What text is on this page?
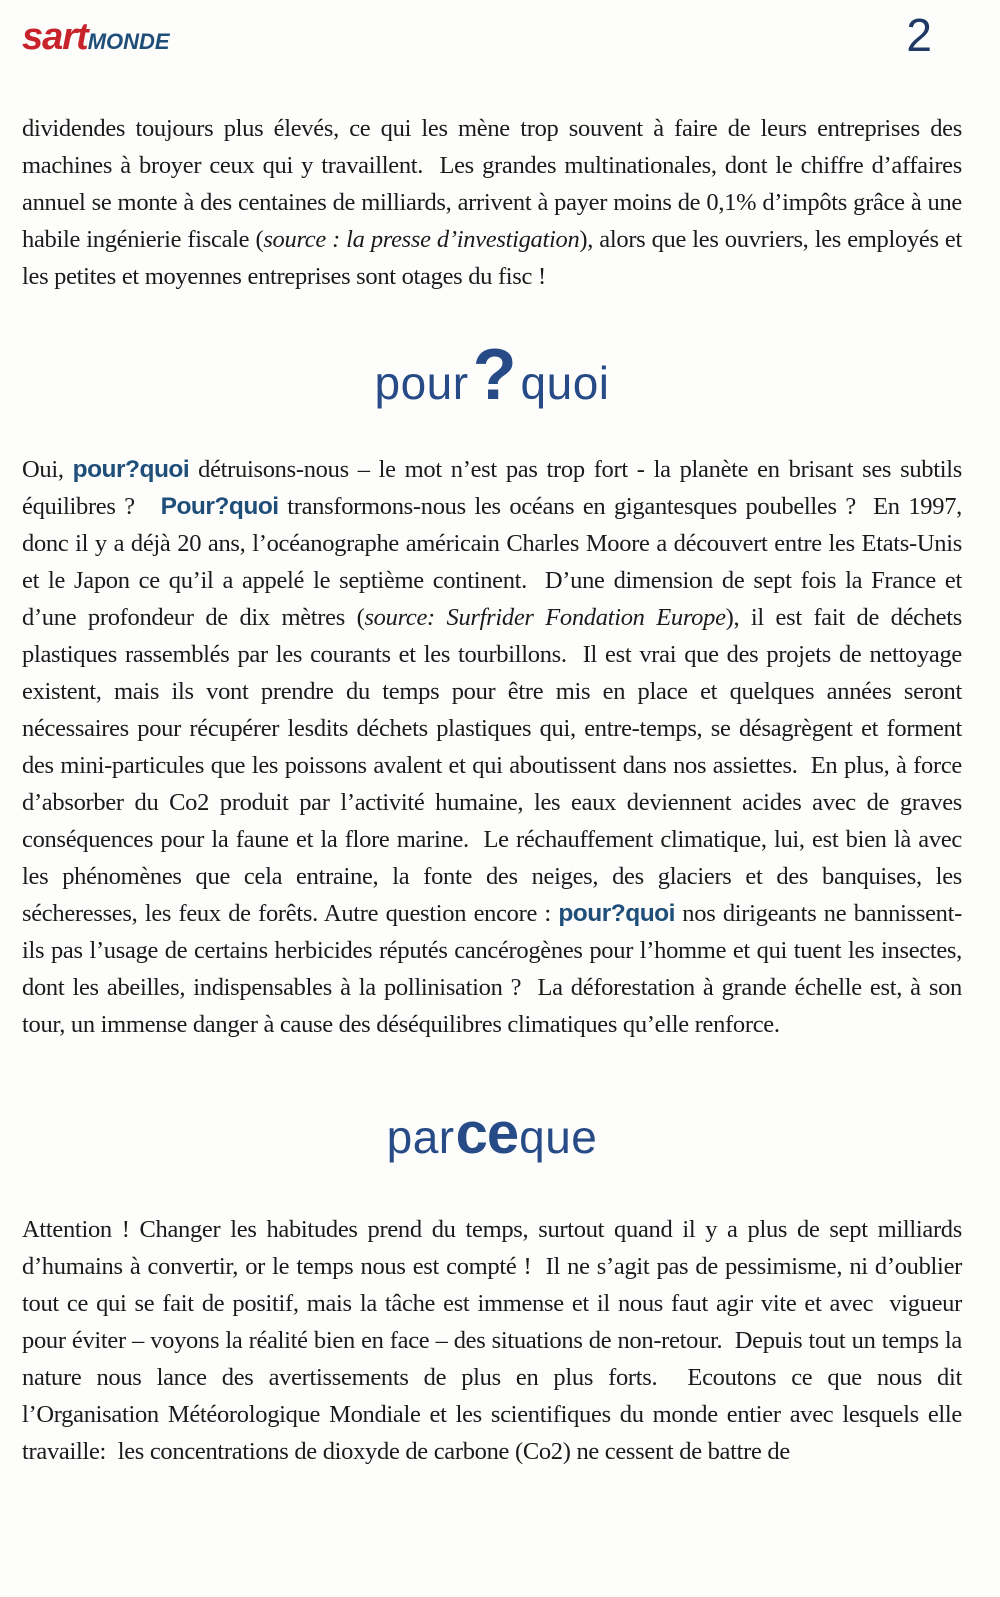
sartMONDE	2

dividendes toujours plus élevés, ce qui les mène trop souvent à faire de leurs entreprises des machines à broyer ceux qui y travaillent.  Les grandes multinationales, dont le chiffre d’affaires annuel se monte à des centaines de milliards, arrivent à payer moins de 0,1% d’impôts grâce à une habile ingénierie fiscale (source : la presse d’investigation), alors que les ouvriers, les employés et les petites et moyennes entreprises sont otages du fisc !

pour?quoi

Oui, pour?quoi détruisons-nous – le mot n’est pas trop fort - la planète en brisant ses subtils équilibres ?   Pour?quoi transformons-nous les océans en gigantesques poubelles ?  En 1997, donc il y a déjà 20 ans, l’océanographe américain Charles Moore a découvert entre les Etats-Unis et le Japon ce qu’il a appelé le septième continent.  D’une dimension de sept fois la France et d’une profondeur de dix mètres (source: Surfrider Fondation Europe), il est fait de déchets plastiques rassemblés par les courants et les tourbillons.  Il est vrai que des projets de nettoyage existent, mais ils vont prendre du temps pour être mis en place et quelques années seront nécessaires pour récupérer lesdits déchets plastiques qui, entre-temps, se désagrègent et forment des mini-particules que les poissons avalent et qui aboutissent dans nos assiettes.  En plus, à force d’absorber du Co2 produit par l’activité humaine, les eaux deviennent acides avec de graves conséquences pour la faune et la flore marine.  Le réchauffement climatique, lui, est bien là avec les phénomènes que cela entraine, la fonte des neiges, des glaciers et des banquises, les sécheresses, les feux de forêts. Autre question encore : pour?quoi nos dirigeants ne bannissent-ils pas l’usage de certains herbicides réputés cancérogènes pour l’homme et qui tuent les insectes, dont les abeilles, indispensables à la pollinisation ?  La déforestation à grande échelle est, à son tour, un immense danger à cause des déséquilibres climatiques qu’elle renforce.

parceque

Attention ! Changer les habitudes prend du temps, surtout quand il y a plus de sept milliards d’humains à convertir, or le temps nous est compté !  Il ne s’agit pas de pessimisme, ni d’oublier tout ce qui se fait de positif, mais la tâche est immense et il nous faut agir vite et avec  vigueur pour éviter – voyons la réalité bien en face – des situations de non-retour.  Depuis tout un temps la nature nous lance des avertissements de plus en plus forts.  Ecoutons ce que nous dit l’Organisation Météorologique Mondiale et les scientifiques du monde entier avec lesquels elle travaille:  les concentrations de dioxyde de carbone (Co2) ne cessent de battre de
